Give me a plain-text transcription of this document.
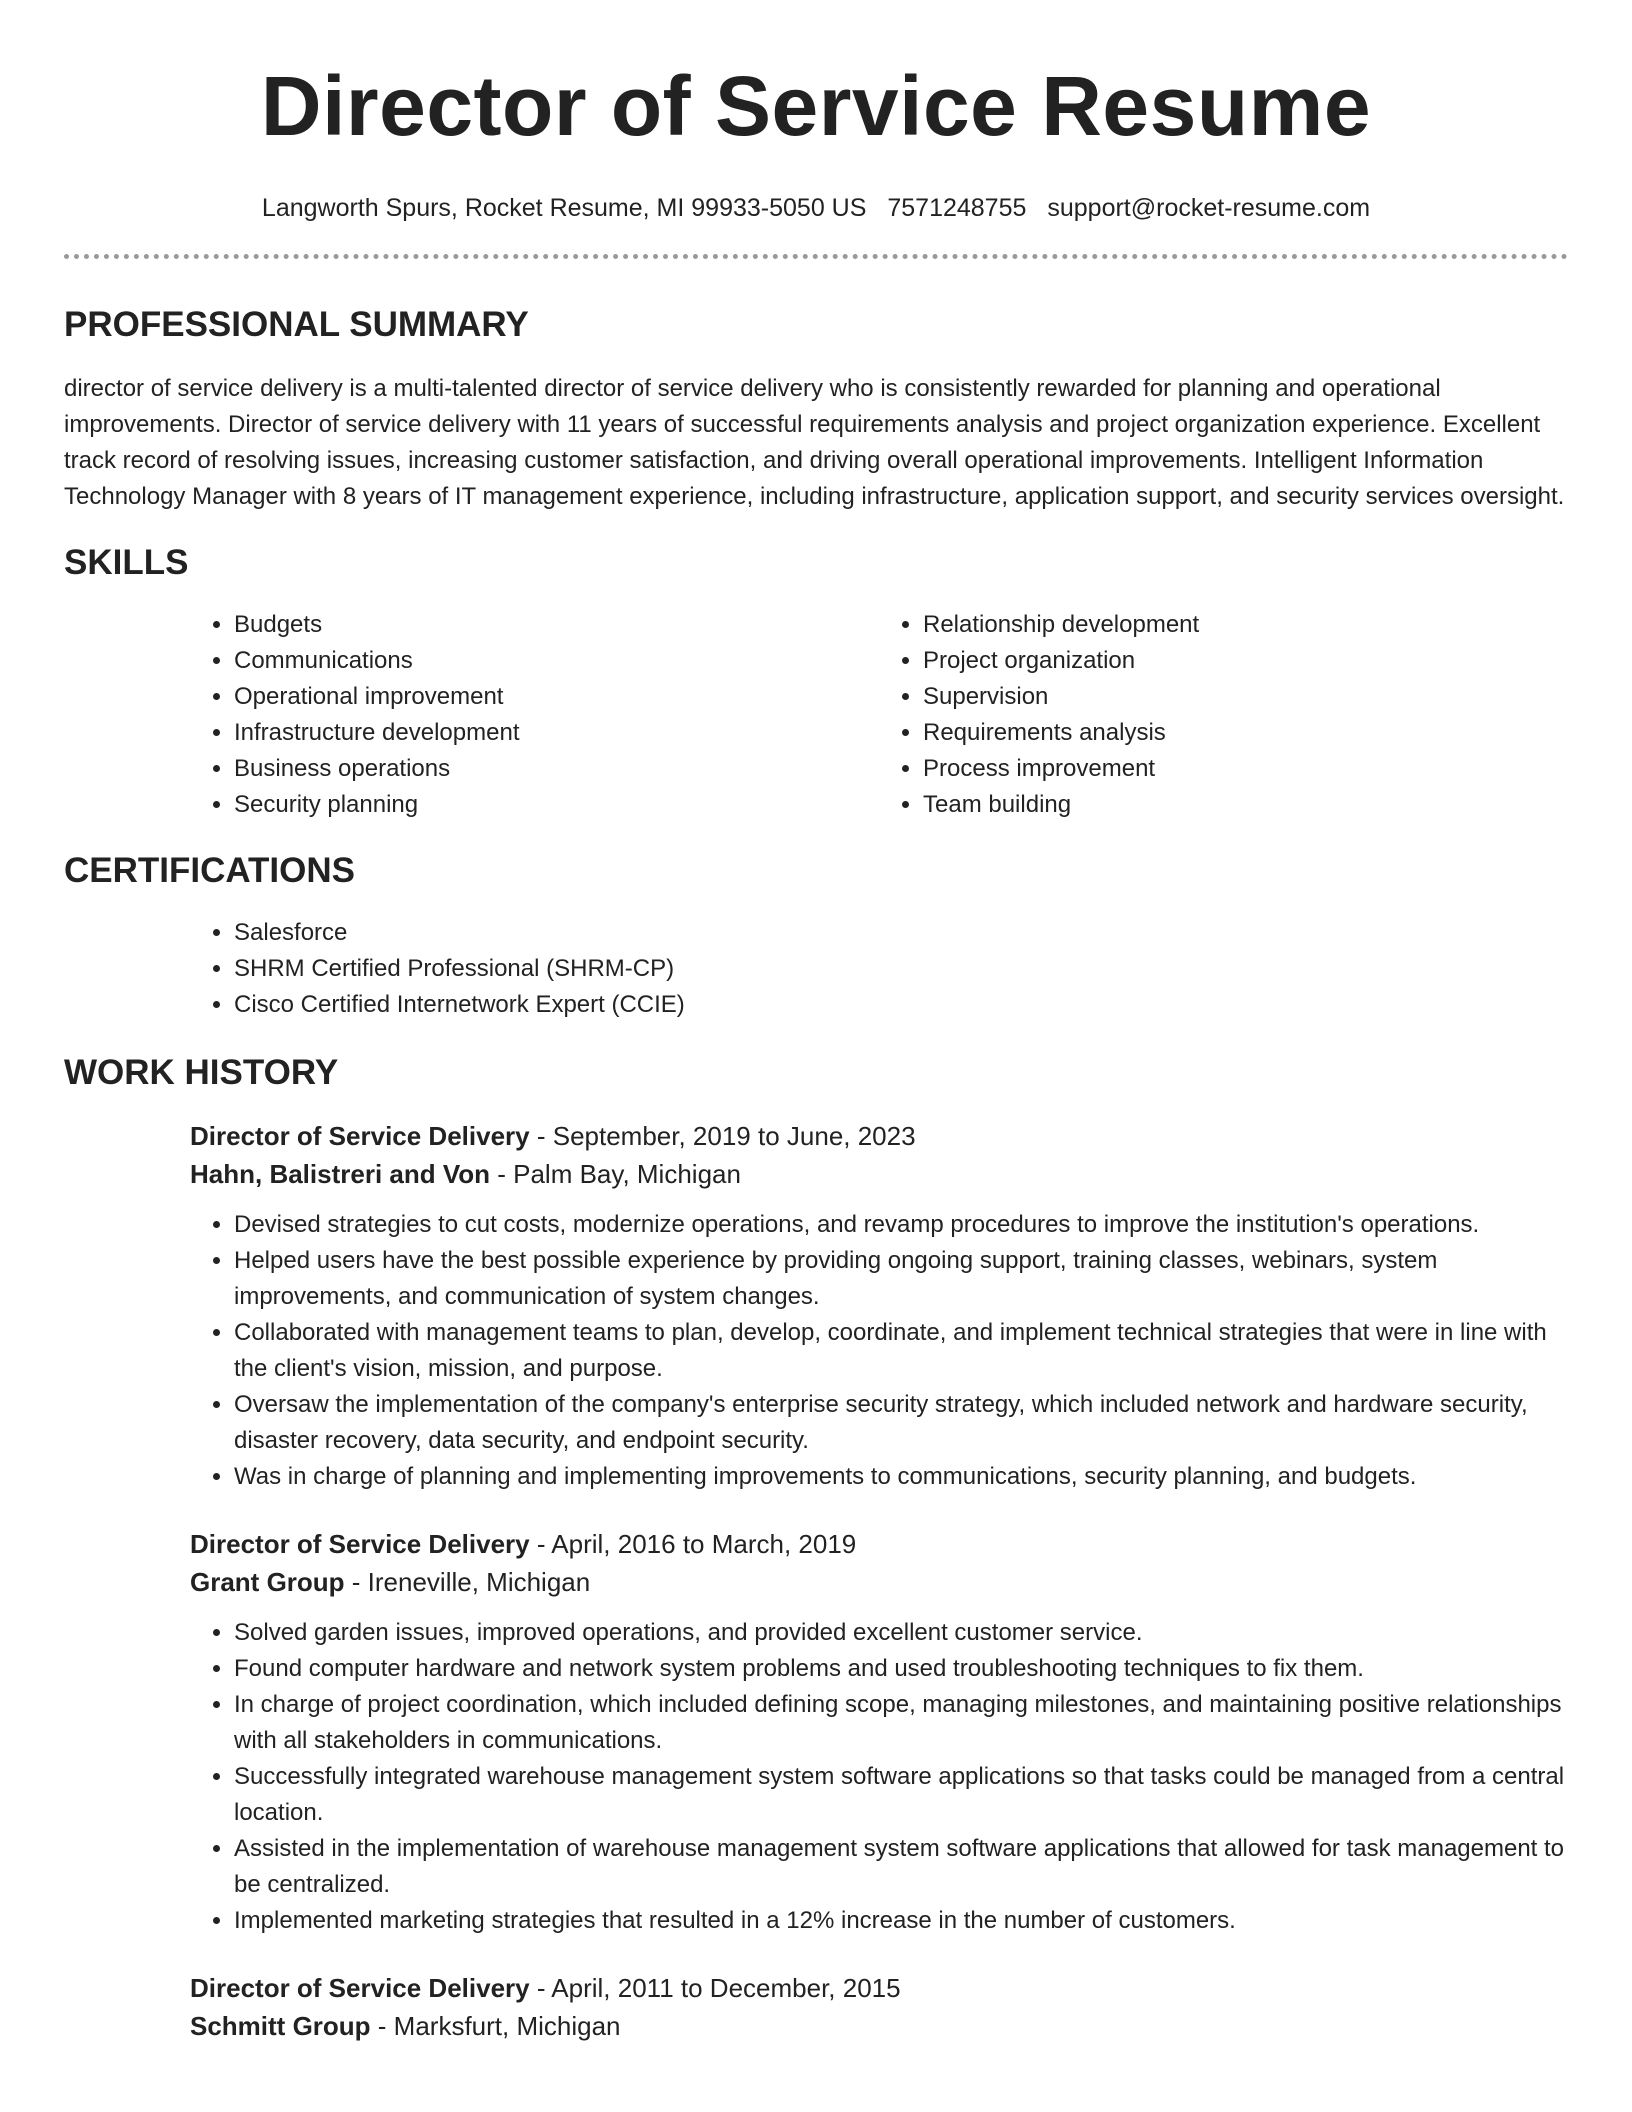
Director of Service Resume
Langworth Spurs, Rocket Resume, MI 99933-5050 US 7571248755 support@rocket-resume.com
PROFESSIONAL SUMMARY

director of service delivery is a multi-talented director of service delivery who is consistently rewarded for planning and operational improvements. Director of service delivery with 11 years of successful requirements analysis and project organization experience. Excellent track record of resolving issues, increasing customer satisfaction, and driving overall operational improvements. Intelligent Information Technology Manager with 8 years of IT management experience, including infrastructure, application support, and security services oversight.

SKILLS
• Budgets
• Communications
• Operational improvement
• Infrastructure development
• Business operations
• Security planning
• Relationship development
• Project organization
• Supervision
• Requirements analysis
• Process improvement
• Team building
CERTIFICATIONS
• Salesforce
• SHRM Certified Professional (SHRM-CP)
• Cisco Certified Internetwork Expert (CCIE)
WORK HISTORY

Director of Service Delivery - September, 2019 to June, 2023

Hahn, Balistreri and Von - Palm Bay, Michigan

• Devised strategies to cut costs, modernize operations, and revamp procedures to improve the institution's operations.
• Helped users have the best possible experience by providing ongoing support, training classes, webinars, system improvements, and communication of system changes.
• Collaborated with management teams to plan, develop, coordinate, and implement technical strategies that were in line with the client's vision, mission, and purpose.
• Oversaw the implementation of the company's enterprise security strategy, which included network and hardware security, disaster recovery, data security, and endpoint security.
• Was in charge of planning and implementing improvements to communications, security planning, and budgets.

Director of Service Delivery - April, 2016 to March, 2019

Grant Group - Ireneville, Michigan

• Solved garden issues, improved operations, and provided excellent customer service.
• Found computer hardware and network system problems and used troubleshooting techniques to fix them.
• In charge of project coordination, which included defining scope, managing milestones, and maintaining positive relationships with all stakeholders in communications.
• Successfully integrated warehouse management system software applications so that tasks could be managed from a central location.
• Assisted in the implementation of warehouse management system software applications that allowed for task management to be centralized.
• Implemented marketing strategies that resulted in a 12% increase in the number of customers.

Director of Service Delivery - April, 2011 to December, 2015

Schmitt Group - Marksfurt, Michigan
